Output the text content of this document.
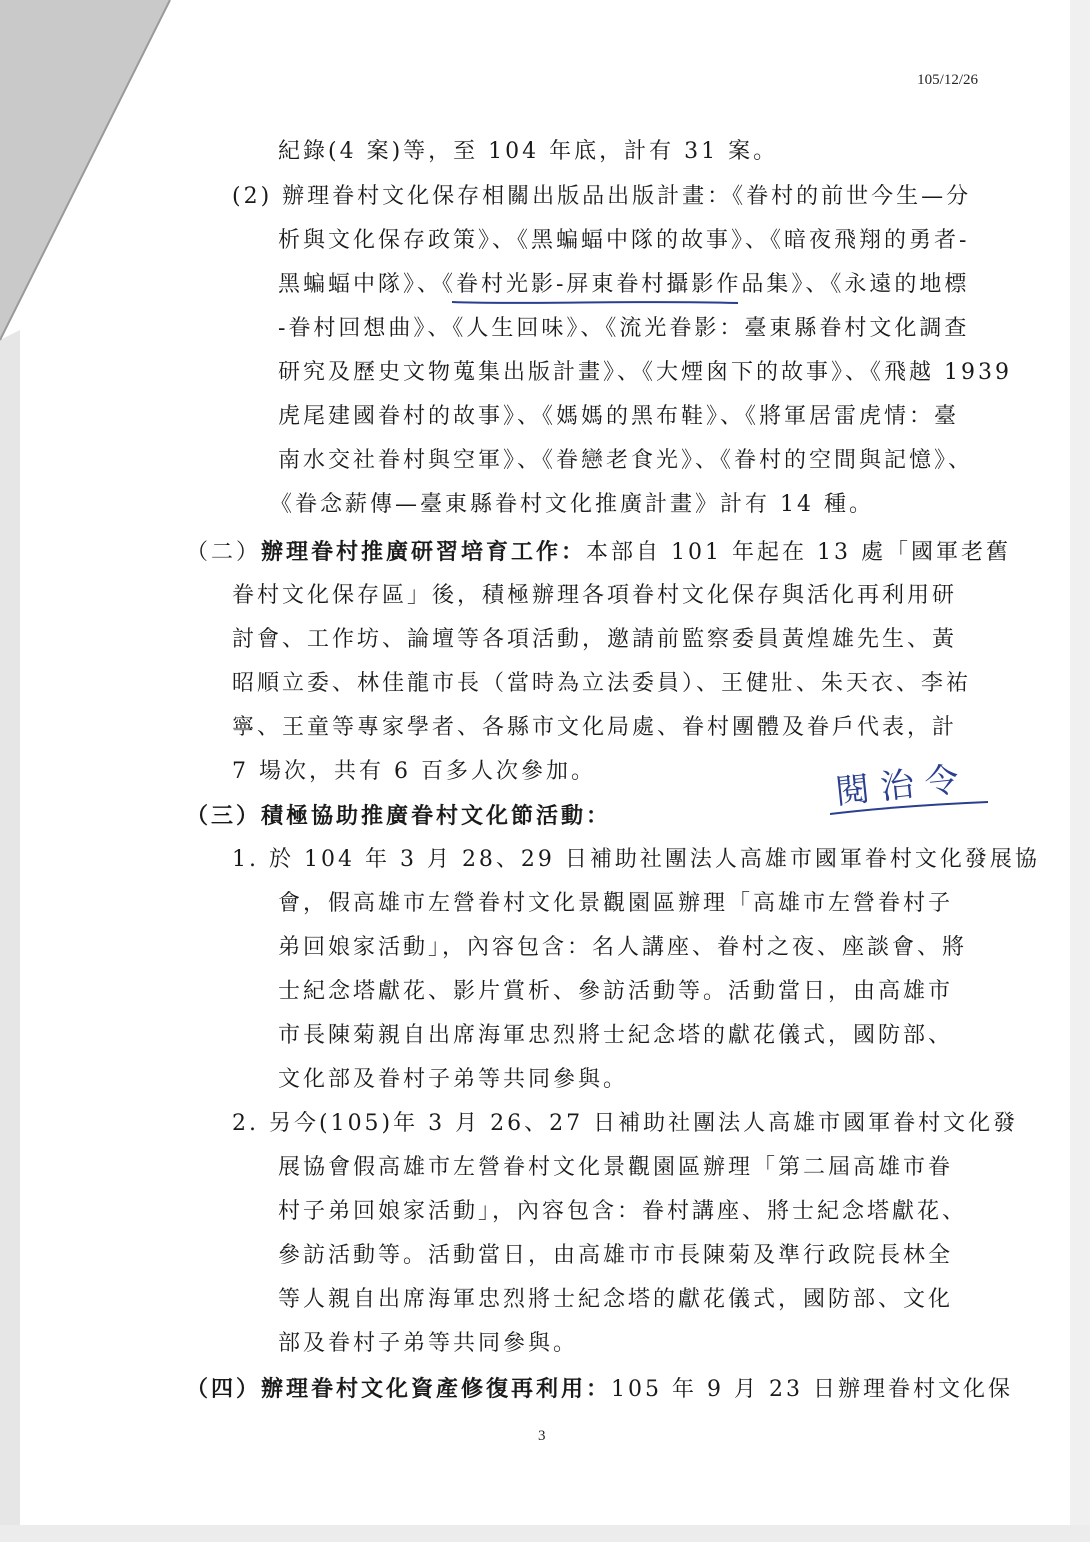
105/12/26
紀錄(4 案)等，至 104 年底，計有 31 案。
(2) 辦理眷村文化保存相關出版品出版計畫：《眷村的前世今生—分
析與文化保存政策》、《黑蝙蝠中隊的故事》、《暗夜飛翔的勇者-
黑蝙蝠中隊》、《眷村光影-屏東眷村攝影作品集》、《永遠的地標
-眷村回想曲》、《人生回味》、《流光眷影：臺東縣眷村文化調查
研究及歷史文物蒐集出版計畫》、《大煙囪下的故事》、《飛越 1939
虎尾建國眷村的故事》、《媽媽的黑布鞋》、《將軍居雷虎情：臺
南水交社眷村與空軍》、《眷戀老食光》、《眷村的空間與記憶》、
《眷念薪傳—臺東縣眷村文化推廣計畫》計有 14 種。
（二）辦理眷村推廣研習培育工作：本部自 101 年起在 13 處「國軍老舊
眷村文化保存區」後，積極辦理各項眷村文化保存與活化再利用研
討會、工作坊、論壇等各項活動，邀請前監察委員黃煌雄先生、黃
昭順立委、林佳龍市長（當時為立法委員）、王健壯、朱天衣、李祐
寧、王童等專家學者、各縣市文化局處、眷村團體及眷戶代表，計
7 場次，共有 6 百多人次參加。	閱 治 令
（三）積極協助推廣眷村文化節活動：
1. 於 104 年 3 月 28、29 日補助社團法人高雄市國軍眷村文化發展協
會，假高雄市左營眷村文化景觀園區辦理「高雄市左營眷村子
弟回娘家活動」，內容包含：名人講座、眷村之夜、座談會、將
士紀念塔獻花、影片賞析、參訪活動等。活動當日，由高雄市
市長陳菊親自出席海軍忠烈將士紀念塔的獻花儀式，國防部、
文化部及眷村子弟等共同參與。
2. 另今(105)年 3 月 26、27 日補助社團法人高雄市國軍眷村文化發
展協會假高雄市左營眷村文化景觀園區辦理「第二屆高雄市眷
村子弟回娘家活動」，內容包含：眷村講座、將士紀念塔獻花、
參訪活動等。活動當日，由高雄市市長陳菊及準行政院長林全
等人親自出席海軍忠烈將士紀念塔的獻花儀式，國防部、文化
部及眷村子弟等共同參與。
（四）辦理眷村文化資產修復再利用：105 年 9 月 23 日辦理眷村文化保
3
